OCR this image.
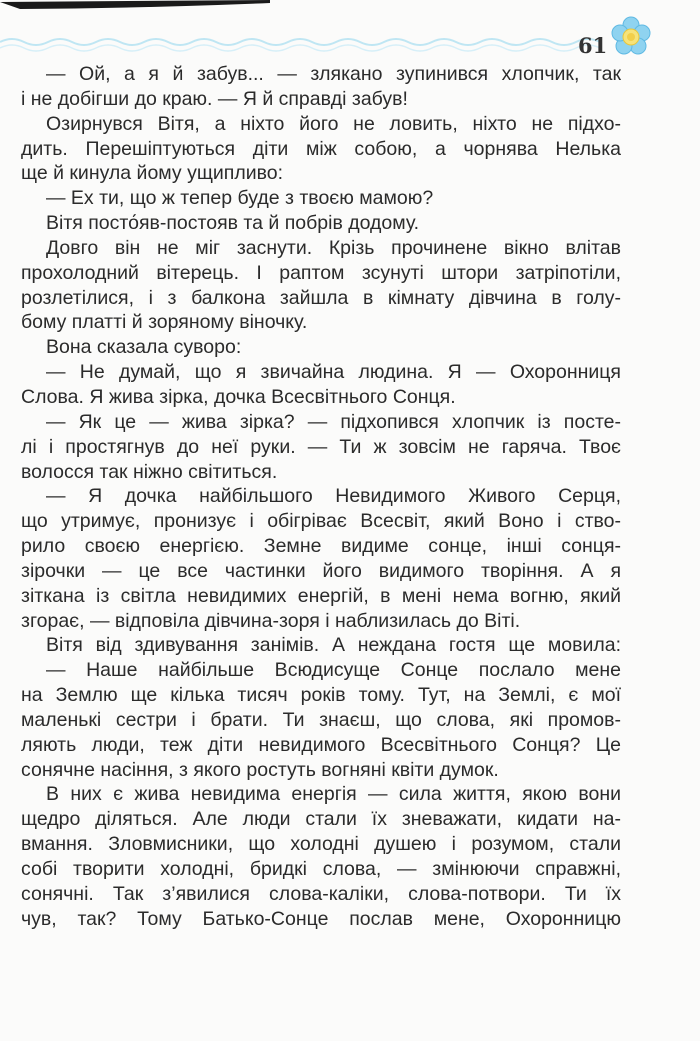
61
— Ой, а я й забув... — злякано зупинився хлопчик, так
і не добігши до краю. — Я й справді забув!
Озирнувся Вітя, а ніхто його не ловить, ніхто не підхо-
дить. Перешіптуються діти між собою, а чорнява Нелька
ще й кинула йому ущипливо:
— Ех ти, що ж тепер буде з твоєю мамою?
Вітя посто́яв-постояв та й побрів додому.
Довго він не міг заснути. Крізь прочинене вікно влітав
прохолодний вітерець. І раптом зсунуті штори затріпотіли,
розлетілися, і з балкона зайшла в кімнату дівчина в голу-
бому платті й зоряному віночку.
Вона сказала суворо:
— Не думай, що я звичайна людина. Я — Охоронниця
Слова. Я жива зірка, дочка Всесвітнього Сонця.
— Як це — жива зірка? — підхопився хлопчик із посте-
лі і простягнув до неї руки. — Ти ж зовсім не гаряча. Твоє
волосся так ніжно світиться.
— Я дочка найбільшого Невидимого Живого Серця,
що утримує, пронизує і обігріває Всесвіт, який Воно і ство-
рило своєю енергією. Земне видиме сонце, інші сонця-
зірочки — це все частинки його видимого творіння. А я
зіткана із світла невидимих енергій, в мені нема вогню, який
згорає, — відповіла дівчина-зоря і наблизилась до Віті.
Вітя від здивування занімів. А неждана гостя ще мовила:
— Наше найбільше Всюдисуще Сонце послало мене
на Землю ще кілька тисяч років тому. Тут, на Землі, є мої
маленькі сестри і брати. Ти знаєш, що слова, які промов-
ляють люди, теж діти невидимого Всесвітнього Сонця? Це
сонячне насіння, з якого ростуть вогняні квіти думок.
В них є жива невидима енергія — сила життя, якою вони
щедро діляться. Але люди стали їх зневажати, кидати на-
вмання. Зловмисники, що холодні душею і розумом, стали
собі творити холодні, бридкі слова, — змінюючи справжні,
сонячні. Так з’явилися слова-каліки, слова-потвори. Ти їх
чув, так? Тому Батько-Сонце послав мене, Охоронницю
